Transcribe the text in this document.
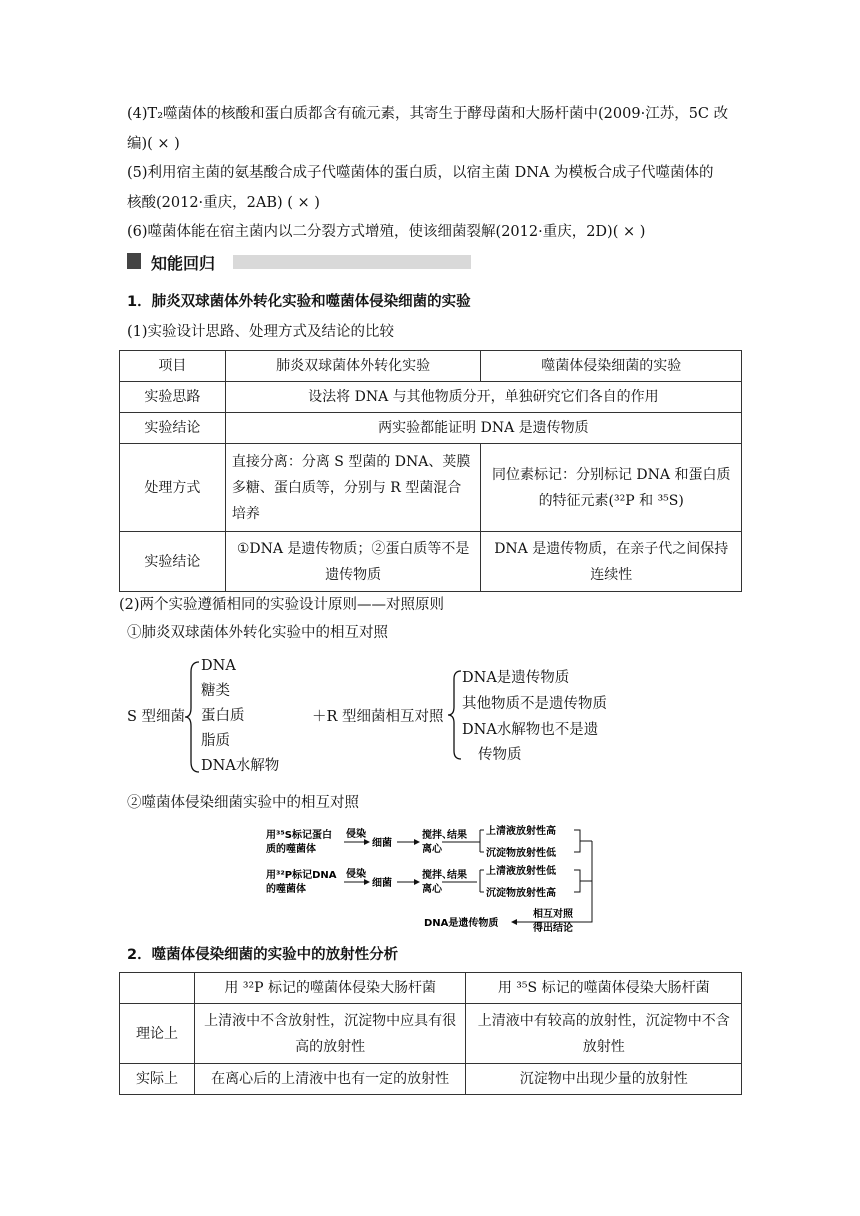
(4)T₂噬菌体的核酸和蛋白质都含有硫元素，其寄生于酵母菌和大肠杆菌中(2009·江苏，5C 改
编)( × )
(5)利用宿主菌的氨基酸合成子代噬菌体的蛋白质，以宿主菌 DNA 为模板合成子代噬菌体的
核酸(2012·重庆，2AB) ( × )
(6)噬菌体能在宿主菌内以二分裂方式增殖，使该细菌裂解(2012·重庆，2D)( × )
知能回归
1．肺炎双球菌体外转化实验和噬菌体侵染细菌的实验
(1)实验设计思路、处理方式及结论的比较
项目	肺炎双球菌体外转化实验	噬菌体侵染细菌的实验
实验思路	设法将 DNA 与其他物质分开，单独研究它们各自的作用	
实验结论	两实验都能证明 DNA 是遗传物质	
处理方式	直接分离：分离 S 型菌的 DNA、荚膜多糖、蛋白质等，分别与 R 型菌混合培养	同位素标记：分别标记 DNA 和蛋白质的特征元素(³²P 和 ³⁵S)
实验结论	①DNA 是遗传物质；②蛋白质等不是遗传物质	DNA 是遗传物质，在亲子代之间保持连续性
(2)两个实验遵循相同的实验设计原则——对照原则
①肺炎双球菌体外转化实验中的相互对照
S 型细菌
DNA
糖类
蛋白质
脂质
DNA水解物
＋R 型细菌相互对照
DNA是遗传物质
其他物质不是遗传物质
DNA水解物也不是遗
传物质
②噬菌体侵染细菌实验中的相互对照
用³⁵S标记蛋白
质的噬菌体
侵染
细菌
搅拌、
离心
结果 上清液放射性高
沉淀物放射性低
用³²P标记DNA
的噬菌体
侵染
细菌
搅拌、
离心
结果 上清液放射性低
沉淀物放射性高
DNA是遗传物质
相互对照
得出结论
2．噬菌体侵染细菌的实验中的放射性分析
	用 ³²P 标记的噬菌体侵染大肠杆菌	用 ³⁵S 标记的噬菌体侵染大肠杆菌
理论上	上清液中不含放射性，沉淀物中应具有很高的放射性	上清液中有较高的放射性，沉淀物中不含放射性
实际上	在离心后的上清液中也有一定的放射性	沉淀物中出现少量的放射性
